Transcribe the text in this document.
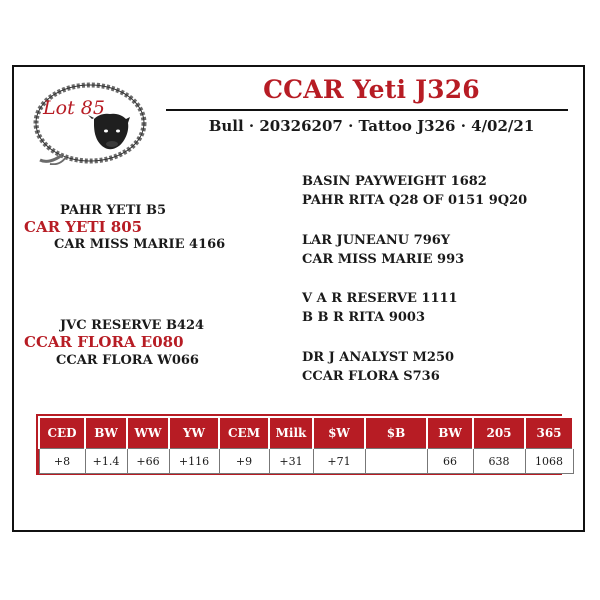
Lot 85
CCAR Yeti J326
Bull · 20326207 · Tattoo J326 · 4/02/21
PAHR YETI B5
CAR YETI 805
CAR MISS MARIE 4166
JVC RESERVE B424
CCAR FLORA E080
CCAR FLORA W066
BASIN PAYWEIGHT 1682
PAHR RITA Q28 OF 0151 9Q20
LAR JUNEANU 796Y
CAR MISS MARIE 993
V A R RESERVE 1111
B B R RITA 9003
DR J ANALYST M250
CCAR FLORA S736
CED	BW	WW	YW	CEM	Milk	$W	$B	BW	205	365
+8	+1.4	+66	+116	+9	+31	+71		66	638	1068
